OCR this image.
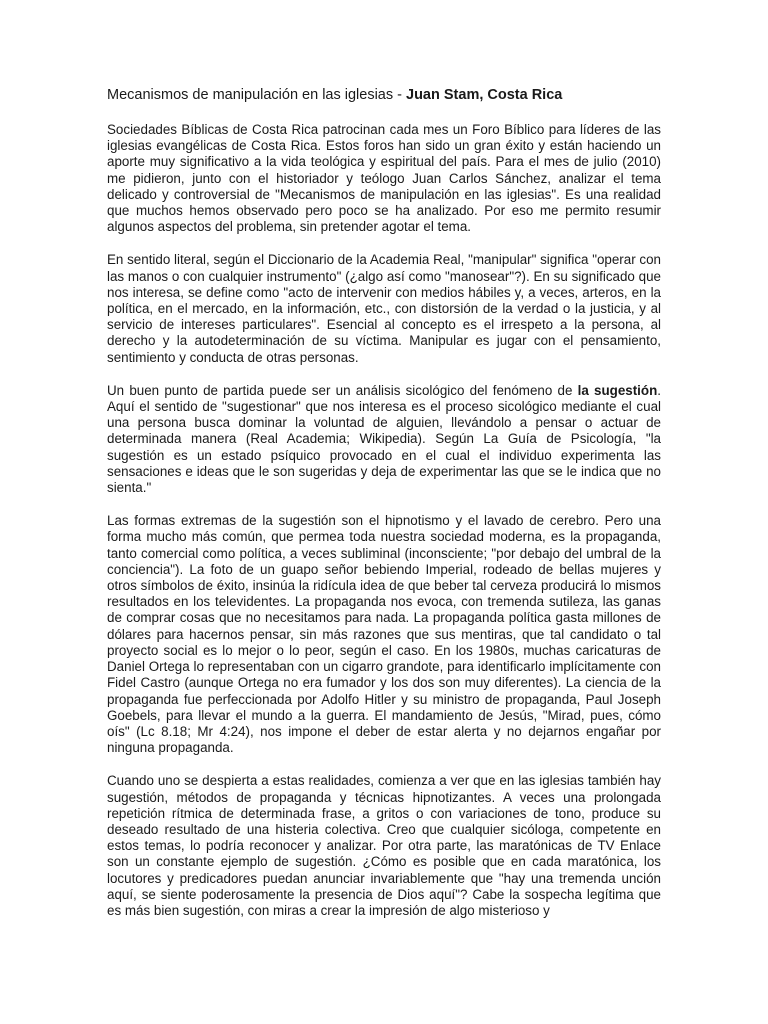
Mecanismos de manipulación en las iglesias - Juan Stam, Costa Rica

Sociedades Bíblicas de Costa Rica patrocinan cada mes un Foro Bíblico para líderes de las iglesias evangélicas de Costa Rica. Estos foros han sido un gran éxito y están haciendo un aporte muy significativo a la vida teológica y espiritual del país. Para el mes de julio (2010) me pidieron, junto con el historiador y teólogo Juan Carlos Sánchez, analizar el tema delicado y controversial de "Mecanismos de manipulación en las iglesias". Es una realidad que muchos hemos observado pero poco se ha analizado. Por eso me permito resumir algunos aspectos del problema, sin pretender agotar el tema.

En sentido literal, según el Diccionario de la Academia Real, "manipular" significa "operar con las manos o con cualquier instrumento" (¿algo así como "manosear"?). En su significado que nos interesa, se define como "acto de intervenir con medios hábiles y, a veces, arteros, en la política, en el mercado, en la información, etc., con distorsión de la verdad o la justicia, y al servicio de intereses particulares". Esencial al concepto es el irrespeto a la persona, al derecho y la autodeterminación de su víctima. Manipular es jugar con el pensamiento, sentimiento y conducta de otras personas.

Un buen punto de partida puede ser un análisis sicológico del fenómeno de la sugestión. Aquí el sentido de "sugestionar" que nos interesa es el proceso sicológico mediante el cual una persona busca dominar la voluntad de alguien, llevándolo a pensar o actuar de determinada manera (Real Academia; Wikipedia). Según La Guía de Psicología, "la sugestión es un estado psíquico provocado en el cual el individuo experimenta las sensaciones e ideas que le son sugeridas y deja de experimentar las que se le indica que no sienta."

Las formas extremas de la sugestión son el hipnotismo y el lavado de cerebro. Pero una forma mucho más común, que permea toda nuestra sociedad moderna, es la propaganda, tanto comercial como política, a veces subliminal (inconsciente; "por debajo del umbral de la conciencia"). La foto de un guapo señor bebiendo Imperial, rodeado de bellas mujeres y otros símbolos de éxito, insinúa la ridícula idea de que beber tal cerveza producirá lo mismos resultados en los televidentes. La propaganda nos evoca, con tremenda sutileza, las ganas de comprar cosas que no necesitamos para nada. La propaganda política gasta millones de dólares para hacernos pensar, sin más razones que sus mentiras, que tal candidato o tal proyecto social es lo mejor o lo peor, según el caso. En los 1980s, muchas caricaturas de Daniel Ortega lo representaban con un cigarro grandote, para identificarlo implícitamente con Fidel Castro (aunque Ortega no era fumador y los dos son muy diferentes). La ciencia de la propaganda fue perfeccionada por Adolfo Hitler y su ministro de propaganda, Paul Joseph Goebels, para llevar el mundo a la guerra. El mandamiento de Jesús, "Mirad, pues, cómo oís" (Lc 8.18; Mr 4:24), nos impone el deber de estar alerta y no dejarnos engañar por ninguna propaganda.

Cuando uno se despierta a estas realidades, comienza a ver que en las iglesias también hay sugestión, métodos de propaganda y técnicas hipnotizantes. A veces una prolongada repetición rítmica de determinada frase, a gritos o con variaciones de tono, produce su deseado resultado de una histeria colectiva. Creo que cualquier sicóloga, competente en estos temas, lo podría reconocer y analizar. Por otra parte, las maratónicas de TV Enlace son un constante ejemplo de sugestión. ¿Cómo es posible que en cada maratónica, los locutores y predicadores puedan anunciar invariablemente que "hay una tremenda unción aquí, se siente poderosamente la presencia de Dios aquí"? Cabe la sospecha legítima que es más bien sugestión, con miras a crear la impresión de algo misterioso y
